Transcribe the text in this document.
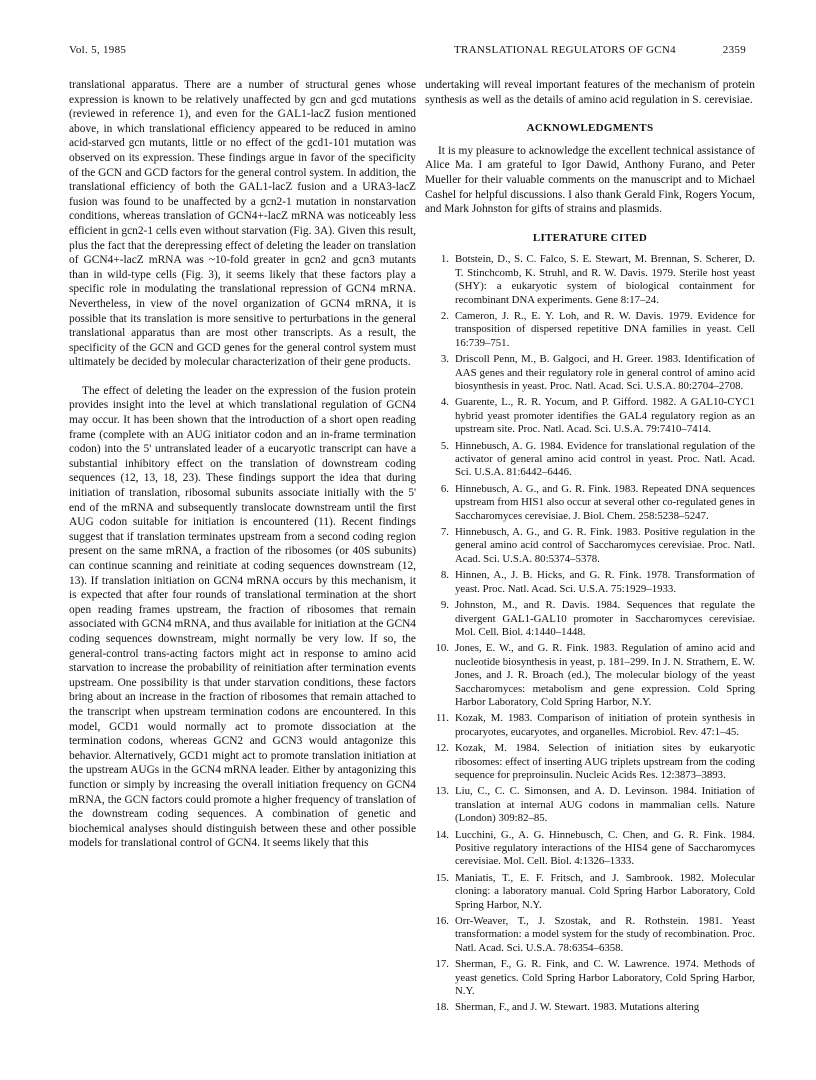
Vol. 5, 1985	TRANSLATIONAL REGULATORS OF GCN4	2359

translational apparatus. There are a number of structural genes whose expression is known to be relatively unaffected by gcn and gcd mutations (reviewed in reference 1), and even for the GAL1-lacZ fusion mentioned above, in which translational efficiency appeared to be reduced in amino acid-starved gcn mutants, little or no effect of the gcd1-101 mutation was observed on its expression. These findings argue in favor of the specificity of the GCN and GCD factors for the general control system. In addition, the translational efficiency of both the GAL1-lacZ fusion and a URA3-lacZ fusion was found to be unaffected by a gcn2-1 mutation in nonstarvation conditions, whereas translation of GCN4+-lacZ mRNA was noticeably less efficient in gcn2-1 cells even without starvation (Fig. 3A). Given this result, plus the fact that the derepressing effect of deleting the leader on translation of GCN4+-lacZ mRNA was ~10-fold greater in gcn2 and gcn3 mutants than in wild-type cells (Fig. 3), it seems likely that these factors play a specific role in modulating the translational repression of GCN4 mRNA. Nevertheless, in view of the novel organization of GCN4 mRNA, it is possible that its translation is more sensitive to perturbations in the general translational apparatus than are most other transcripts. As a result, the specificity of the GCN and GCD genes for the general control system must ultimately be decided by molecular characterization of their gene products.

The effect of deleting the leader on the expression of the fusion protein provides insight into the level at which translational regulation of GCN4 may occur. It has been shown that the introduction of a short open reading frame (complete with an AUG initiator codon and an in-frame termination codon) into the 5' untranslated leader of a eucaryotic transcript can have a substantial inhibitory effect on the translation of downstream coding sequences (12, 13, 18, 23). These findings support the idea that during initiation of translation, ribosomal subunits associate initially with the 5' end of the mRNA and subsequently translocate downstream until the first AUG codon suitable for initiation is encountered (11). Recent findings suggest that if translation terminates upstream from a second coding region present on the same mRNA, a fraction of the ribosomes (or 40S subunits) can continue scanning and reinitiate at coding sequences downstream (12, 13). If translation initiation on GCN4 mRNA occurs by this mechanism, it is expected that after four rounds of translational termination at the short open reading frames upstream, the fraction of ribosomes that remain associated with GCN4 mRNA, and thus available for initiation at the GCN4 coding sequences downstream, might normally be very low. If so, the general-control trans-acting factors might act in response to amino acid starvation to increase the probability of reinitiation after termination events upstream. One possibility is that under starvation conditions, these factors bring about an increase in the fraction of ribosomes that remain attached to the transcript when upstream termination codons are encountered. In this model, GCD1 would normally act to promote dissociation at the termination codons, whereas GCN2 and GCN3 would antagonize this behavior. Alternatively, GCD1 might act to promote translation initiation at the upstream AUGs in the GCN4 mRNA leader. Either by antagonizing this function or simply by increasing the overall initiation frequency on GCN4 mRNA, the GCN factors could promote a higher frequency of translation of the downstream coding sequences. A combination of genetic and biochemical analyses should distinguish between these and other possible models for translational control of GCN4. It seems likely that this

undertaking will reveal important features of the mechanism of protein synthesis as well as the details of amino acid regulation in S. cerevisiae.

ACKNOWLEDGMENTS

It is my pleasure to acknowledge the excellent technical assistance of Alice Ma. I am grateful to Igor Dawid, Anthony Furano, and Peter Mueller for their valuable comments on the manuscript and to Michael Cashel for helpful discussions. I also thank Gerald Fink, Rogers Yocum, and Mark Johnston for gifts of strains and plasmids.

LITERATURE CITED
1. Botstein, D., S. C. Falco, S. E. Stewart, M. Brennan, S. Scherer, D. T. Stinchcomb, K. Struhl, and R. W. Davis. 1979. Sterile host yeast (SHY): a eukaryotic system of biological containment for recombinant DNA experiments. Gene 8:17–24.
2. Cameron, J. R., E. Y. Loh, and R. W. Davis. 1979. Evidence for transposition of dispersed repetitive DNA families in yeast. Cell 16:739–751.
3. Driscoll Penn, M., B. Galgoci, and H. Greer. 1983. Identification of AAS genes and their regulatory role in general control of amino acid biosynthesis in yeast. Proc. Natl. Acad. Sci. U.S.A. 80:2704–2708.
4. Guarente, L., R. R. Yocum, and P. Gifford. 1982. A GAL10-CYC1 hybrid yeast promoter identifies the GAL4 regulatory region as an upstream site. Proc. Natl. Acad. Sci. U.S.A. 79:7410–7414.
5. Hinnebusch, A. G. 1984. Evidence for translational regulation of the activator of general amino acid control in yeast. Proc. Natl. Acad. Sci. U.S.A. 81:6442–6446.
6. Hinnebusch, A. G., and G. R. Fink. 1983. Repeated DNA sequences upstream from HIS1 also occur at several other co-regulated genes in Saccharomyces cerevisiae. J. Biol. Chem. 258:5238–5247.
7. Hinnebusch, A. G., and G. R. Fink. 1983. Positive regulation in the general amino acid control of Saccharomyces cerevisiae. Proc. Natl. Acad. Sci. U.S.A. 80:5374–5378.
8. Hinnen, A., J. B. Hicks, and G. R. Fink. 1978. Transformation of yeast. Proc. Natl. Acad. Sci. U.S.A. 75:1929–1933.
9. Johnston, M., and R. Davis. 1984. Sequences that regulate the divergent GAL1-GAL10 promoter in Saccharomyces cerevisiae. Mol. Cell. Biol. 4:1440–1448.
10. Jones, E. W., and G. R. Fink. 1983. Regulation of amino acid and nucleotide biosynthesis in yeast, p. 181–299. In J. N. Strathern, E. W. Jones, and J. R. Broach (ed.), The molecular biology of the yeast Saccharomyces: metabolism and gene expression. Cold Spring Harbor Laboratory, Cold Spring Harbor, N.Y.
11. Kozak, M. 1983. Comparison of initiation of protein synthesis in procaryotes, eucaryotes, and organelles. Microbiol. Rev. 47:1–45.
12. Kozak, M. 1984. Selection of initiation sites by eukaryotic ribosomes: effect of inserting AUG triplets upstream from the coding sequence for preproinsulin. Nucleic Acids Res. 12:3873–3893.
13. Liu, C., C. C. Simonsen, and A. D. Levinson. 1984. Initiation of translation at internal AUG codons in mammalian cells. Nature (London) 309:82–85.
14. Lucchini, G., A. G. Hinnebusch, C. Chen, and G. R. Fink. 1984. Positive regulatory interactions of the HIS4 gene of Saccharomyces cerevisiae. Mol. Cell. Biol. 4:1326–1333.
15. Maniatis, T., E. F. Fritsch, and J. Sambrook. 1982. Molecular cloning: a laboratory manual. Cold Spring Harbor Laboratory, Cold Spring Harbor, N.Y.
16. Orr-Weaver, T., J. Szostak, and R. Rothstein. 1981. Yeast transformation: a model system for the study of recombination. Proc. Natl. Acad. Sci. U.S.A. 78:6354–6358.
17. Sherman, F., G. R. Fink, and C. W. Lawrence. 1974. Methods of yeast genetics. Cold Spring Harbor Laboratory, Cold Spring Harbor, N.Y.
18. Sherman, F., and J. W. Stewart. 1983. Mutations altering
